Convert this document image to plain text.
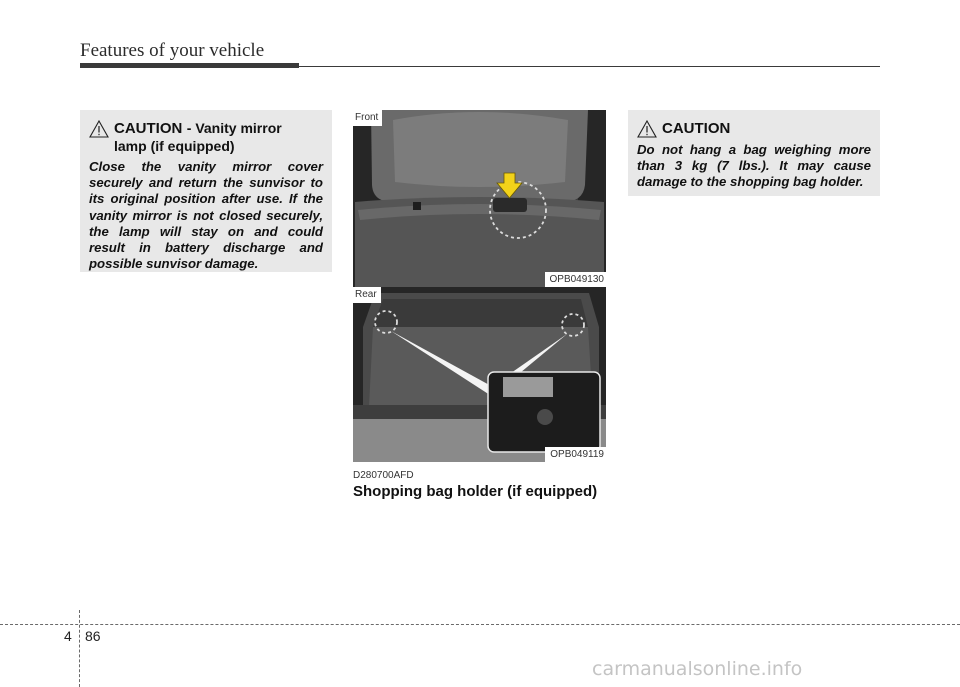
Features of your vehicle
CAUTION - Vanity mirror
lamp (if equipped)
Close the vanity mirror cover securely and return the sunvisor to its original position after use. If the vanity mirror is not closed securely, the lamp will stay on and could result in battery discharge and possible sunvisor damage.
Front
OPB049130
Rear
OPB049119
D280700AFD
Shopping bag holder (if equipped)
CAUTION
Do not hang a bag weighing more than 3 kg (7 lbs.). It may cause damage to the shopping bag holder.
4 86
carmanualsonline.info
